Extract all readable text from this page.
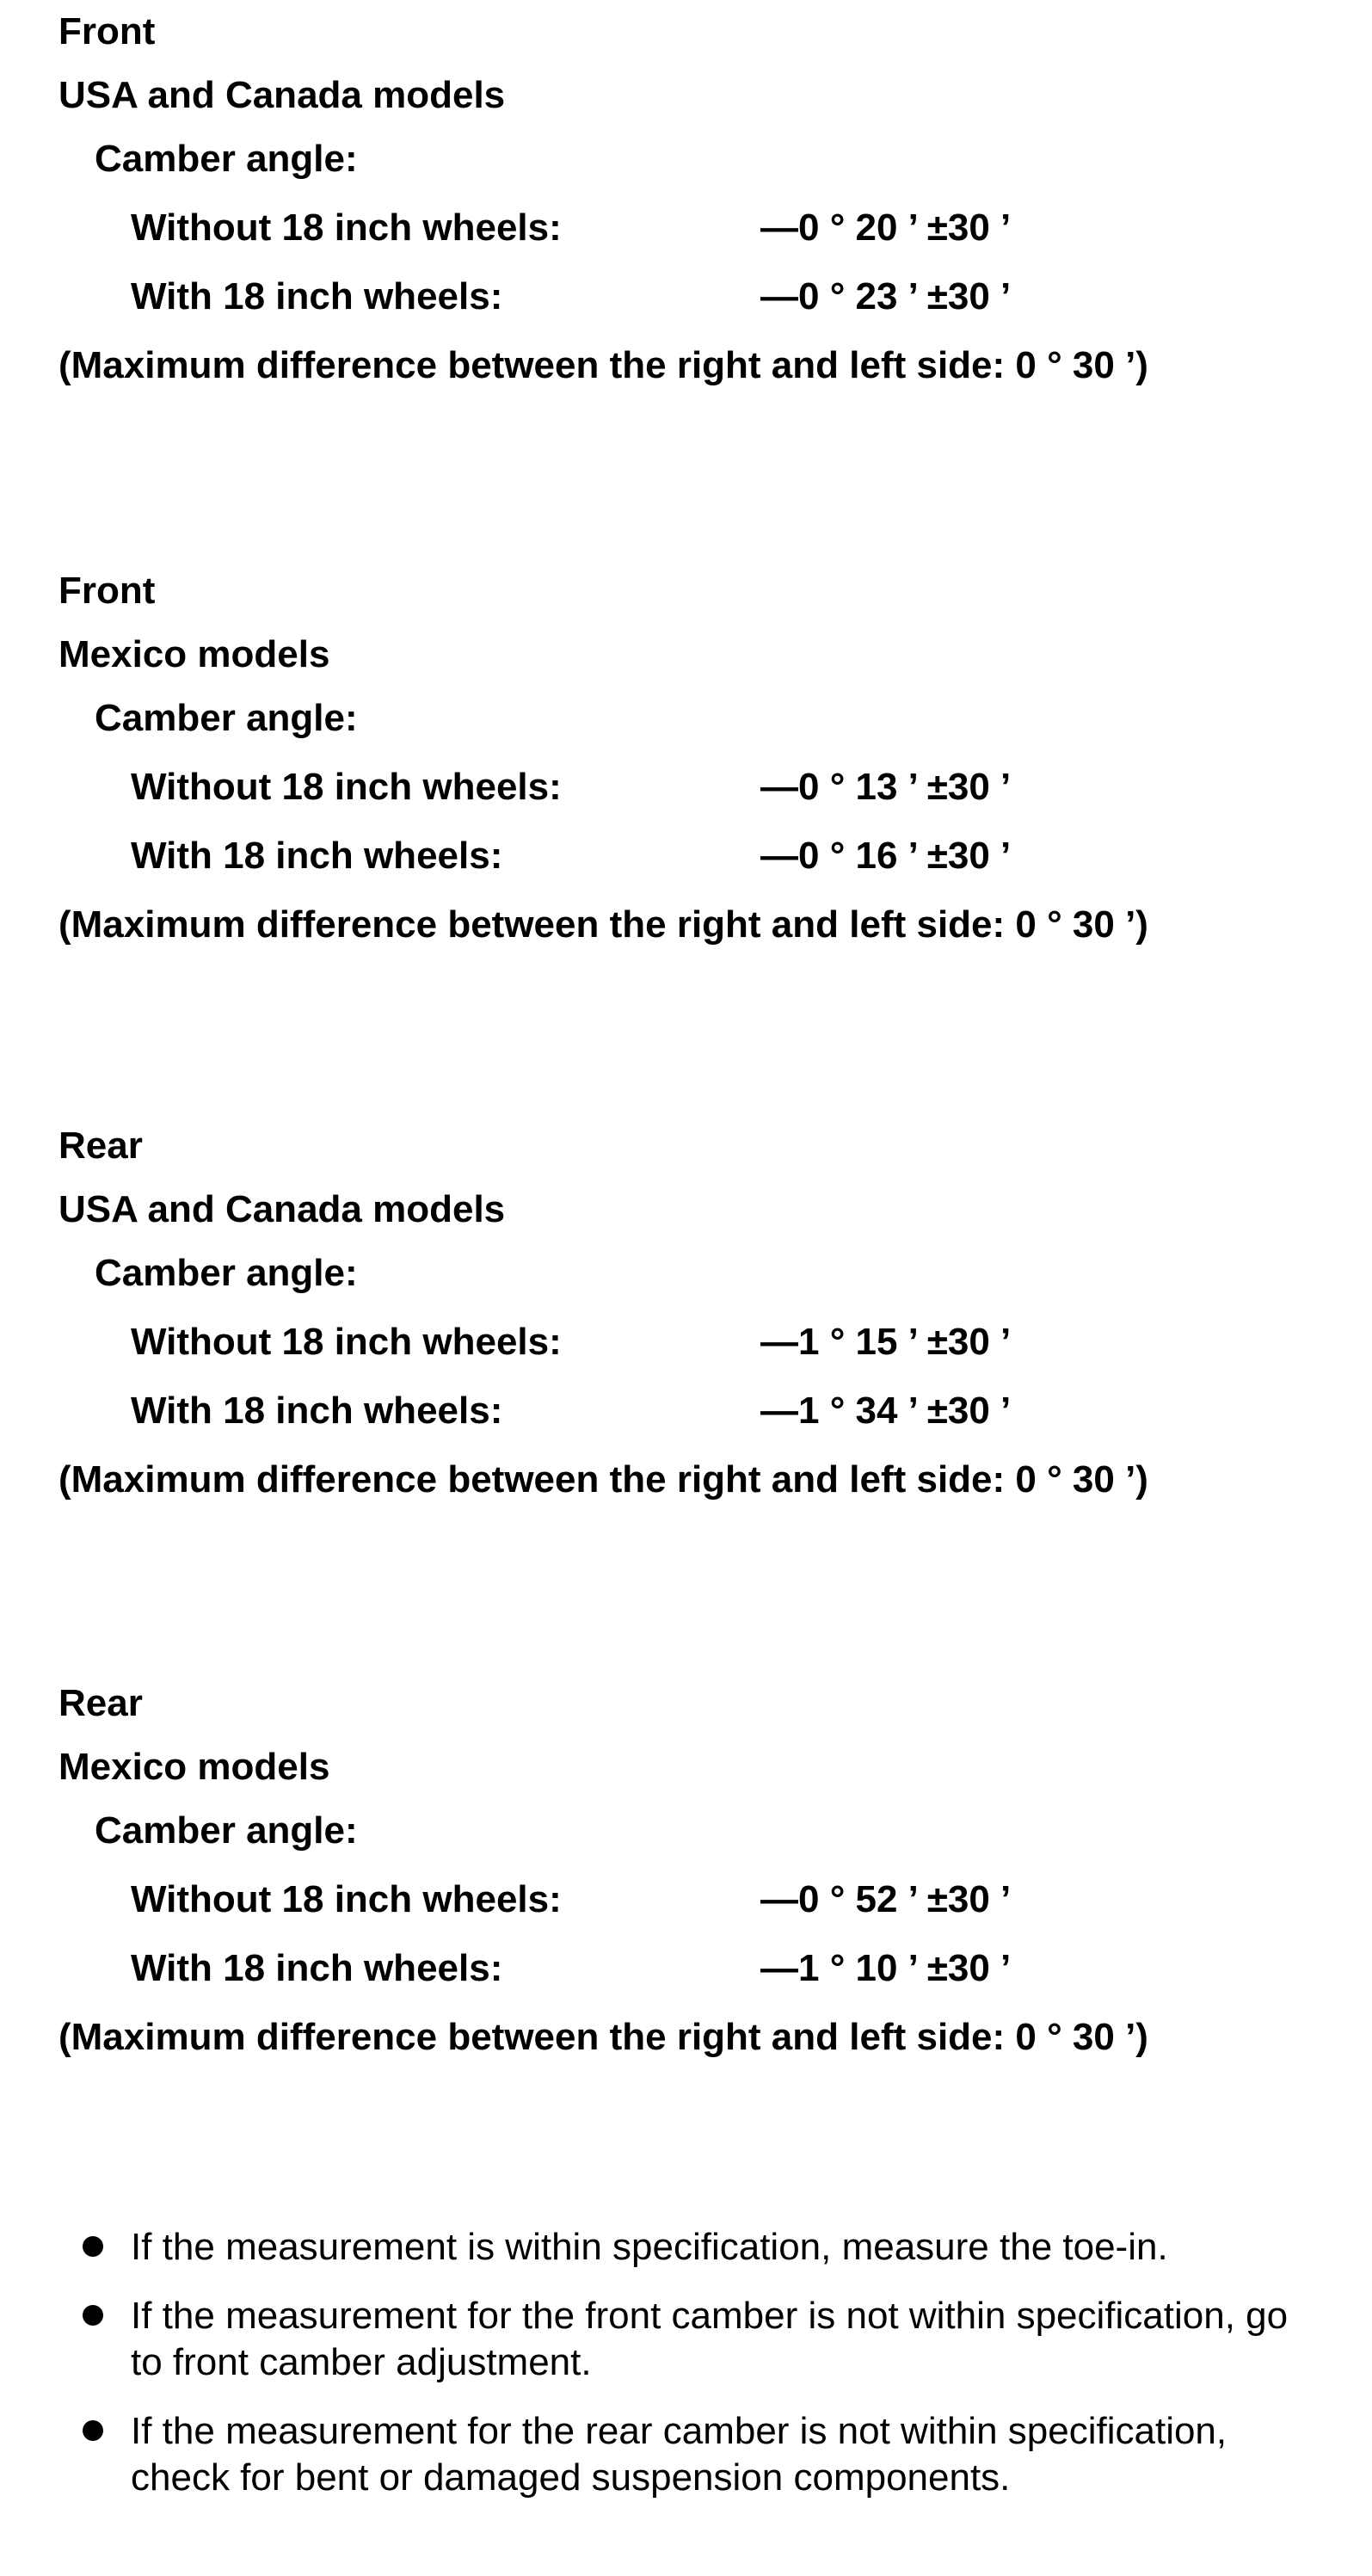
Front
USA and Canada models
Camber angle:
Without 18 inch wheels:	—0 ° 20 ’ ±30 ’
With 18 inch wheels:	—0 ° 23 ’ ±30 ’
(Maximum difference between the right and left side: 0 ° 30 ’)
Front
Mexico models
Camber angle:
Without 18 inch wheels:	—0 ° 13 ’ ±30 ’
With 18 inch wheels:	—0 ° 16 ’ ±30 ’
(Maximum difference between the right and left side: 0 ° 30 ’)
Rear
USA and Canada models
Camber angle:
Without 18 inch wheels:	—1 ° 15 ’ ±30 ’
With 18 inch wheels:	—1 ° 34 ’ ±30 ’
(Maximum difference between the right and left side: 0 ° 30 ’)
Rear
Mexico models
Camber angle:
Without 18 inch wheels:	—0 ° 52 ’ ±30 ’
With 18 inch wheels:	—1 ° 10 ’ ±30 ’
(Maximum difference between the right and left side: 0 ° 30 ’)
If the measurement is within specification, measure the toe-in.
If the measurement for the front camber is not within specification, go to front camber adjustment.
If the measurement for the rear camber is not within specification, check for bent or damaged suspension components.
